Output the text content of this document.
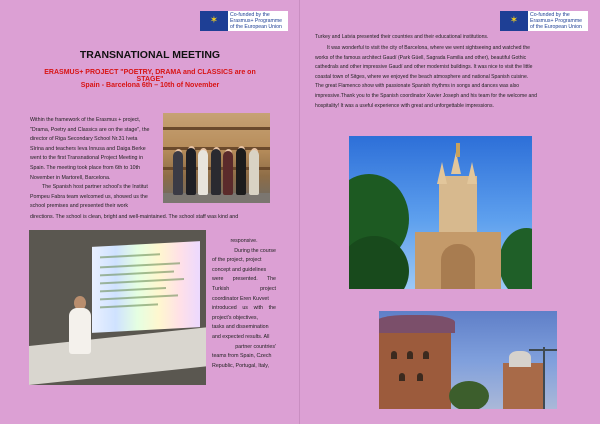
✶ Co-funded by the
Erasmus+ Programme
of the European Union
TRANSNATIONAL MEETING
ERASMUS+ PROJECT "POETRY, DRAMA and CLASSICS are on STAGE"
Spain - Barcelona 6th – 10th of November

Within the framework of the Erasmus + project,

"Drama, Poetry and Classics are on the stage", the

director of Riga Secondary School Nr.31 Iveta

Sīrina and teachers Ieva Innusa and Daiga Berke

went to the first Transnational Project Meeting in

Spain. The meeting took place from 6th to 10th

November in Martorell, Barcelona.

The Spanish host partner school's the Institut

Pompeu Fabra team welcomed us, showed us the

school premises and presented their work

directions. The school is clean, bright and well-maintained. The school staff was kind and

responsive.

During the course

of the project, project

concept and guidelines

were presented. The

Turkish project

coordinator Eren Kuvvet

introduced us with the

project's objectives,

tasks and dissemination

and expected results. All

partner countries'

teams from Spain, Czech

Republic, Portugal, Italy,

✶ Co-funded by the
Erasmus+ Programme
of the European Union

Turkey and Latvia presented their countries and their educational institutions.

It was wonderful to visit the city of Barcelona, where we went sightseeing and watched the

works of the famous architect Gaudí (Park Güell, Sagrada Familia and other), beautiful Gothic

cathedrals and other impressive Gaudí and other modernist buildings. It was nice to visit the little

coastal town of Sitges, where we enjoyed the beach atmosphere and national Spanish cuisine.

The great Flamenco show with passionate Spanish rhythms in songs and dances was also

impressive.Thank you to the Spanish coordinator Xavier Joseph and his team for the welcome and

hospitality! It was a useful experience with great and unforgettable impressions.
